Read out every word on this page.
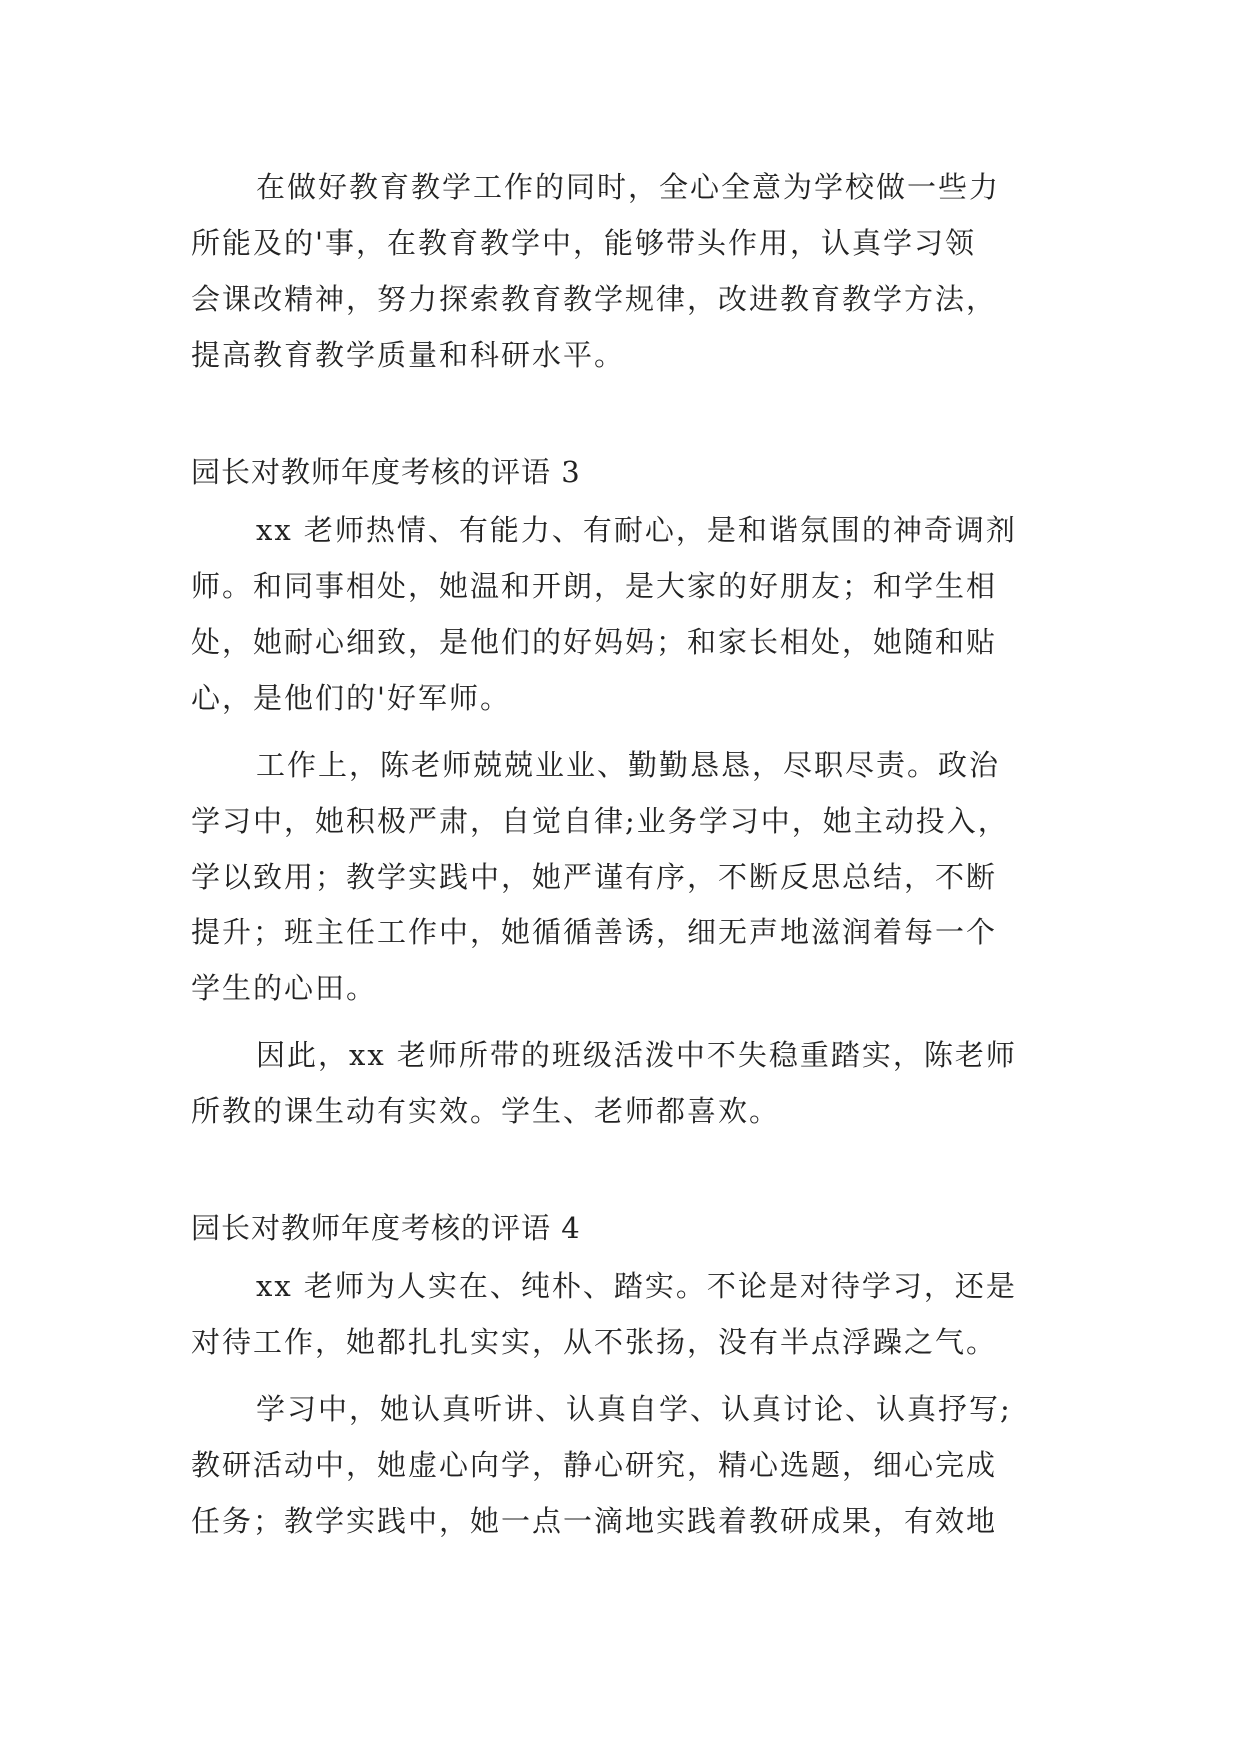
在做好教育教学工作的同时，全心全意为学校做一些力
所能及的'事，在教育教学中，能够带头作用，认真学习领
会课改精神，努力探索教育教学规律，改进教育教学方法，
提高教育教学质量和科研水平。
园长对教师年度考核的评语 3
xx 老师热情、有能力、有耐心，是和谐氛围的神奇调剂
师。和同事相处，她温和开朗，是大家的好朋友；和学生相
处，她耐心细致，是他们的好妈妈；和家长相处，她随和贴
心，是他们的'好军师。
工作上，陈老师兢兢业业、勤勤恳恳，尽职尽责。政治
学习中，她积极严肃，自觉自律;业务学习中，她主动投入，
学以致用；教学实践中，她严谨有序，不断反思总结，不断
提升；班主任工作中，她循循善诱，细无声地滋润着每一个
学生的心田。
因此，xx 老师所带的班级活泼中不失稳重踏实，陈老师
所教的课生动有实效。学生、老师都喜欢。
园长对教师年度考核的评语 4
xx 老师为人实在、纯朴、踏实。不论是对待学习，还是
对待工作，她都扎扎实实，从不张扬，没有半点浮躁之气。
学习中，她认真听讲、认真自学、认真讨论、认真抒写;
教研活动中，她虚心向学，静心研究，精心选题，细心完成
任务；教学实践中，她一点一滴地实践着教研成果，有效地
